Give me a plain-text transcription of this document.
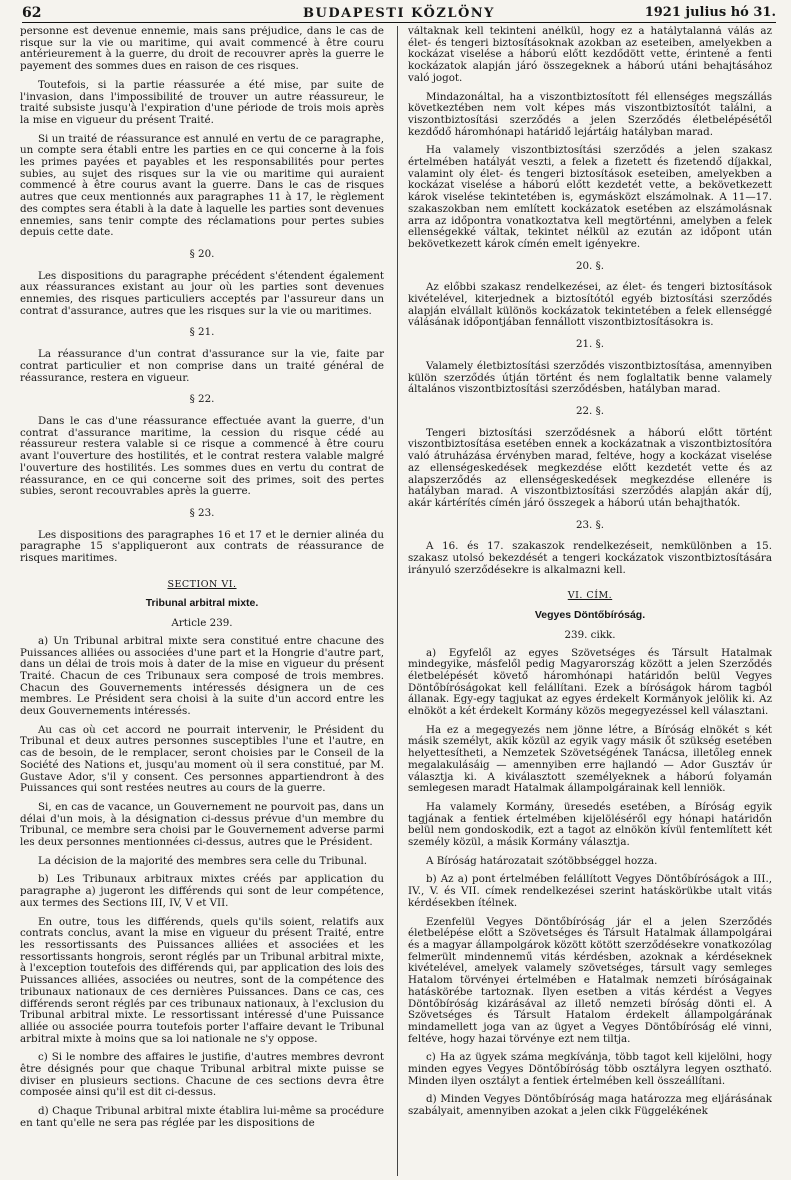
62	BUDAPESTI KÖZLÖNY	1921 julius hó 31.

personne est devenue ennemie, mais sans préjudice, dans le cas de risque sur la vie ou maritime, qui avait commencé à être couru antérieurement à la guerre, du droit de recouvrer après la guerre le payement des sommes dues en raison de ces risques.

Toutefois, si la partie réassurée a été mise, par suite de l'invasion, dans l'impossibilité de trouver un autre réassureur, le traité subsiste jusqu'à l'expiration d'une période de trois mois après la mise en vigueur du présent Traité.

Si un traité de réassurance est annulé en vertu de ce paragraphe, un compte sera établi entre les parties en ce qui concerne à la fois les primes payées et payables et les responsabilités pour pertes subies, au sujet des risques sur la vie ou maritime qui auraient commencé à être courus avant la guerre. Dans le cas de risques autres que ceux mentionnés aux paragraphes 11 à 17, le règlement des comptes sera établi à la date à laquelle les parties sont devenues ennemies, sans tenir compte des réclamations pour pertes subies depuis cette date.

§ 20.

Les dispositions du paragraphe précédent s'étendent également aux réassurances existant au jour où les parties sont devenues ennemies, des risques particuliers acceptés par l'assureur dans un contrat d'assurance, autres que les risques sur la vie ou maritimes.

§ 21.

La réassurance d'un contrat d'assurance sur la vie, faite par contrat particulier et non comprise dans un traité général de réassurance, restera en vigueur.

§ 22.

Dans le cas d'une réassurance effectuée avant la guerre, d'un contrat d'assurance maritime, la cession du risque cédé au réassureur restera valable si ce risque a commencé à être couru avant l'ouverture des hostilités, et le contrat restera valable malgré l'ouverture des hostilités. Les sommes dues en vertu du contrat de réassurance, en ce qui concerne soit des primes, soit des pertes subies, seront recouvrables après la guerre.

§ 23.

Les dispositions des paragraphes 16 et 17 et le dernier alinéa du paragraphe 15 s'appliqueront aux contrats de réassurance de risques maritimes.

SECTION VI.
Tribunal arbitral mixte.
Article 239.

a) Un Tribunal arbitral mixte sera constitué entre chacune des Puissances alliées ou associées d'une part et la Hongrie d'autre part, dans un délai de trois mois à dater de la mise en vigueur du présent Traité. Chacun de ces Tribunaux sera composé de trois membres. Chacun des Gouvernements intéressés désignera un de ces membres. Le Président sera choisi à la suite d'un accord entre les deux Gouvernements intéressés.

Au cas où cet accord ne pourrait intervenir, le Président du Tribunal et deux autres personnes susceptibles l'une et l'autre, en cas de besoin, de le remplacer, seront choisies par le Conseil de la Société des Nations et, jusqu'au moment où il sera constitué, par M. Gustave Ador, s'il y consent. Ces personnes appartiendront à des Puissances qui sont restées neutres au cours de la guerre.

Si, en cas de vacance, un Gouvernement ne pourvoit pas, dans un délai d'un mois, à la désignation ci-dessus prévue d'un membre du Tribunal, ce membre sera choisi par le Gouvernement adverse parmi les deux personnes mentionnées ci-dessus, autres que le Président.

La décision de la majorité des membres sera celle du Tribunal.

b) Les Tribunaux arbitraux mixtes créés par application du paragraphe a) jugeront les différends qui sont de leur compétence, aux termes des Sections III, IV, V et VII.

En outre, tous les différends, quels qu'ils soient, relatifs aux contrats conclus, avant la mise en vigueur du présent Traité, entre les ressortissants des Puissances alliées et associées et les ressortissants hongrois, seront réglés par un Tribunal arbitral mixte, à l'exception toutefois des différends qui, par application des lois des Puissances alliées, associées ou neutres, sont de la compétence des tribunaux nationaux de ces dernières Puissances. Dans ce cas, ces différends seront réglés par ces tribunaux nationaux, à l'exclusion du Tribunal arbitral mixte. Le ressortissant intéressé d'une Puissance alliée ou associée pourra toutefois porter l'affaire devant le Tribunal arbitral mixte à moins que sa loi nationale ne s'y oppose.

c) Si le nombre des affaires le justifie, d'autres membres devront être désignés pour que chaque Tribunal arbitral mixte puisse se diviser en plusieurs sections. Chacune de ces sections devra être composée ainsi qu'il est dit ci-dessus.

d) Chaque Tribunal arbitral mixte établira lui-même sa procédure en tant qu'elle ne sera pas réglée par les dispositions de

váltaknak kell tekinteni anélkül, hogy ez a hatálytalanná válás az élet- és tengeri biztosításoknak azokban az eseteiben, amelyekben a kockázat viselése a háború előtt kezdődött vette, érintené a fenti kockázatok alapján járó összegeknek a háború utáni behajtásához való jogot.

Mindazonáltal, ha a viszontbiztosított fél ellenséges megszállás következtében nem volt képes más viszontbiztosítót találni, a viszontbiztosítási szerződés a jelen Szerződés életbelépésétől kezdődő háromhónapi határidő lejártáig hatályban marad.

Ha valamely viszontbiztosítási szerződés a jelen szakasz értelmében hatályát veszti, a felek a fizetett és fizetendő díjakkal, valamint oly élet- és tengeri biztosítások eseteiben, amelyekben a kockázat viselése a háború előtt kezdetét vette, a bekövetkezett károk viselése tekintetében is, egymásközt elszámolnak. A 11—17. szakaszokban nem említett kockázatok esetében az elszámolásnak arra az időpontra vonatkoztatva kell megtörténni, amelyben a felek ellenségekké váltak, tekintet nélkül az ezután az időpont után bekövetkezett károk címén emelt igényekre.

20. §.

Az előbbi szakasz rendelkezései, az élet- és tengeri biztosítások kivételével, kiterjednek a biztosítótól egyéb biztosítási szerződés alapján elvállalt különös kockázatok tekintetében a felek ellenséggé válásának időpontjában fennállott viszontbiztosításokra is.

21. §.

Valamely életbiztosítási szerződés viszontbiztosítása, amennyiben külön szerződés útján történt és nem foglaltatik benne valamely általános viszontbiztosítási szerződésben, hatályban marad.

22. §.

Tengeri biztosítási szerződésnek a háború előtt történt viszontbiztosítása esetében ennek a kockázatnak a viszontbiztosítóra való átruházása érvényben marad, feltéve, hogy a kockázat viselése az ellenségeskedések megkezdése előtt kezdetét vette és az alapszerződés az ellenségeskedések megkezdése ellenére is hatályban marad. A viszontbiztosítási szerződés alapján akár díj, akár kártérítés címén járó összegek a háború után behajthatók.

23. §.

A 16. és 17. szakaszok rendelkezéseit, nemkülönben a 15. szakasz utolsó bekezdését a tengeri kockázatok viszontbiztosítására irányuló szerződésekre is alkalmazni kell.

VI. CÍM.
Vegyes Döntőbíróság.
239. cikk.

a) Egyfelől az egyes Szövetséges és Társult Hatalmak mindegyike, másfelől pedig Magyarország között a jelen Szerződés életbelépését követő háromhónapi határidőn belül Vegyes Döntőbíróságokat kell felállítani. Ezek a bíróságok három tagból állanak. Egy-egy tagjukat az egyes érdekelt Kormányok jelölik ki. Az elnököt a két érdekelt Kormány közös megegyezéssel kell választani.

Ha ez a megegyezés nem jönne létre, a Bíróság elnökét s két másik személyt, akik közül az egyik vagy másik őt szükség esetében helyettesítheti, a Nemzetek Szövetségének Tanácsa, illetőleg ennek megalakulásáig — amennyiben erre hajlandó — Ador Gusztáv úr választja ki. A kiválasztott személyeknek a háború folyamán semlegesen maradt Hatalmak állampolgárainak kell lenniök.

Ha valamely Kormány, üresedés esetében, a Bíróság egyik tagjának a fentiek értelmében kijelöléséről egy hónapi határidőn belül nem gondoskodik, ezt a tagot az elnökön kívül fentemlített két személy közül, a másik Kormány választja.

A Bíróság határozatait szótöbbséggel hozza.

b) Az a) pont értelmében felállított Vegyes Döntőbíróságok a III., IV., V. és VII. címek rendelkezései szerint hatáskörükbe utalt vitás kérdésekben ítélnek.

Ezenfelül Vegyes Döntőbíróság jár el a jelen Szerződés életbelépése előtt a Szövetséges és Társult Hatalmak állampolgárai és a magyar állampolgárok között kötött szerződésekre vonatkozólag felmerült mindennemű vitás kérdésben, azoknak a kérdéseknek kivételével, amelyek valamely szövetséges, társult vagy semleges Hatalom törvényei értelmében e Hatalmak nemzeti bíróságainak hatáskörébe tartoznak. Ilyen esetben a vitás kérdést a Vegyes Döntőbíróság kizárásával az illető nemzeti bíróság dönti el. A Szövetséges és Társult Hatalom érdekelt állampolgárának mindamellett joga van az ügyet a Vegyes Döntőbíróság elé vinni, feltéve, hogy hazai törvénye ezt nem tiltja.

c) Ha az ügyek száma megkívánja, több tagot kell kijelölni, hogy minden egyes Vegyes Döntőbíróság több osztályra legyen osztható. Minden ilyen osztályt a fentiek értelmében kell összeállítani.

d) Minden Vegyes Döntőbíróság maga határozza meg eljárásának szabályait, amennyiben azokat a jelen cikk Függelékének
